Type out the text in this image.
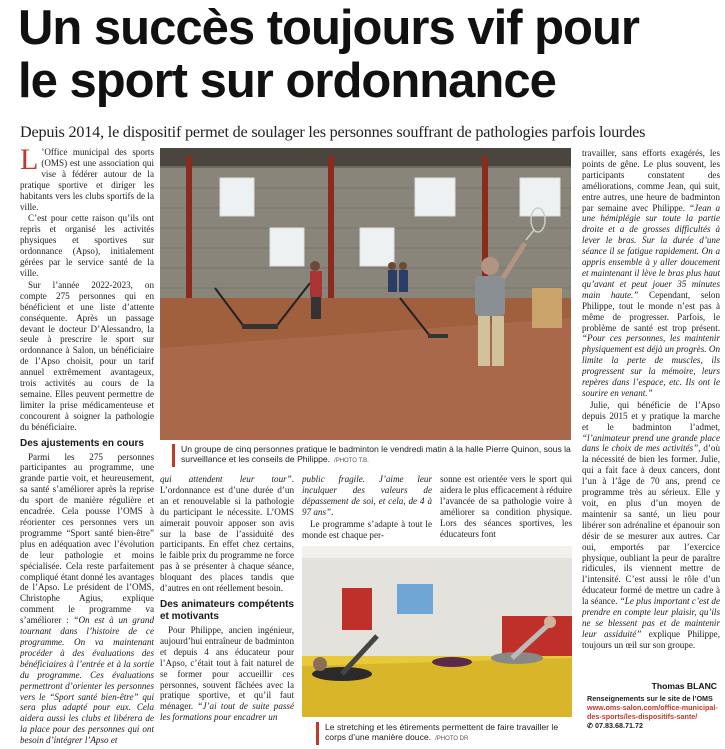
Un succès toujours vif pour
le sport sur ordonnance
Depuis 2014, le dispositif permet de soulager les personnes souffrant de pathologies parfois lourdes

L ’Office municipal des sports (OMS) est une association qui vise à fédérer autour de la pratique sportive et diriger les habitants vers les clubs sportifs de la ville.

C’est pour cette raison qu’ils ont repris et organisé les activités physiques et sportives sur ordonnance (Apso), initialement gérées par le service santé de la ville.

Sur l’année 2022-2023, on compte 275 personnes qui en bénéficient et une liste d’attente conséquente. Après un passage devant le docteur D’Alessandro, la seule à prescrire le sport sur ordonnance à Salon, un bénéficiaire de l’Apso choisit, pour un tarif annuel extrêmement avantageux, trois activités au cours de la semaine. Elles peuvent permettre de limiter la prise médicamenteuse et concourent à soigner la pathologie du bénéficiaire.

Des ajustements en cours

Parmi les 275 personnes participantes au programme, une grande partie voit, et heureusement, sa santé s’améliorer après la reprise du sport de manière régulière et encadrée. Cela pousse l’OMS à réorienter ces personnes vers un programme “Sport santé bien-être” plus en adéquation avec l’évolution de leur pathologie et moins spécialisée. Cela reste parfaitement compliqué étant donné les avantages de l’Apso. Le président de l’OMS, Christophe Agius, explique comment le programme va s’améliorer : “On est à un grand tournant dans l’histoire de ce programme. On va maintenant procéder à des évaluations des bénéficiaires à l’entrée et à la sortie du programme. Ces évaluations permettront d’orienter les personnes vers le “Sport santé bien-être” qui sera plus adapté pour eux. Cela aidera aussi les clubs et libérera de la place pour des personnes qui ont besoin d’intégrer l’Apso et

Un groupe de cinq personnes pratique le badminton le vendredi matin à la halle Pierre Quinon, sous la surveillance et les conseils de Philippe. /PHOTO T.B.

qui attendent leur tour”. L’ordonnance est d’une durée d’un an et renouvelable si la pathologie du participant le nécessite. L’OMS aimerait pouvoir apposer son avis sur la base de l’assiduité des participants. En effet chez certains, le faible prix du programme ne force pas à se présenter à chaque séance, bloquant des places tandis que d’autres en ont réellement besoin.

Des animateurs compétents et motivants

Pour Philippe, ancien ingénieur, aujourd’hui entraîneur de badminton et depuis 4 ans éducateur pour l’Apso, c’était tout à fait naturel de se former pour accueillir ces personnes, souvent fâchées avec la pratique sportive, et qu’il faut ménager. “J’ai tout de suite passé les formations pour encadrer un

public fragile. J’aime leur inculquer des valeurs de dépassement de soi, et cela, de 4 à 97 ans”.

Le programme s’adapte à tout le monde est chaque per-

sonne est orientée vers le sport qui aidera le plus efficacement à réduire l’avancée de sa pathologie voire à améliorer sa condition physique. Lors des séances sportives, les éducateurs font

Le stretching et les étirements permettent de faire travailler le corps d’une manière douce. /PHOTO DR

travailler, sans efforts exagérés, les points de gêne. Le plus souvent, les participants constatent des améliorations, comme Jean, qui suit, entre autres, une heure de badminton par semaine avec Philippe. “Jean a une hémiplégie sur toute la partie droite et a de grosses difficultés à lever le bras. Sur la durée d’une séance il se fatigue rapidement. On a appris ensemble à y aller doucement et maintenant il lève le bras plus haut qu’avant et peut jouer 35 minutes main haute.” Cependant, selon Philippe, tout le monde n’est pas à même de progresser. Parfois, le problème de santé est trop présent. “Pour ces personnes, les maintenir physiquement est déjà un progrès. On limite la perte de muscles, ils progressent sur la mémoire, leurs repères dans l’espace, etc. Ils ont le sourire en venant.”

Julie, qui bénéficie de l’Apso depuis 2015 et y pratique la marche et le badminton l’admet, “l’animateur prend une grande place dans le choix de mes activités”, d’où la nécessité de bien les former. Julie, qui a fait face à deux cancers, dont l’un à l’âge de 70 ans, prend ce programme très au sérieux. Elle y voit, en plus d’un moyen de maintenir sa santé, un lieu pour libérer son adrénaline et épanouir son désir de se mesurer aux autres. Car oui, emportés par l’exercice physique, oubliant la peur de paraître ridicules, ils viennent mettre de l’intensité. C’est aussi le rôle d’un éducateur formé de mettre un cadre à la séance. “Le plus important c’est de prendre en compte leur plaisir, qu’ils ne se blessent pas et de maintenir leur assiduité” explique Philippe, toujours un œil sur son groupe.

Thomas BLANC
Renseignements sur le site de l’OMS
www.oms-salon.com/office-municipal-des-sports/les-dispositifs-sante/
✆ 07.83.68.71.72
